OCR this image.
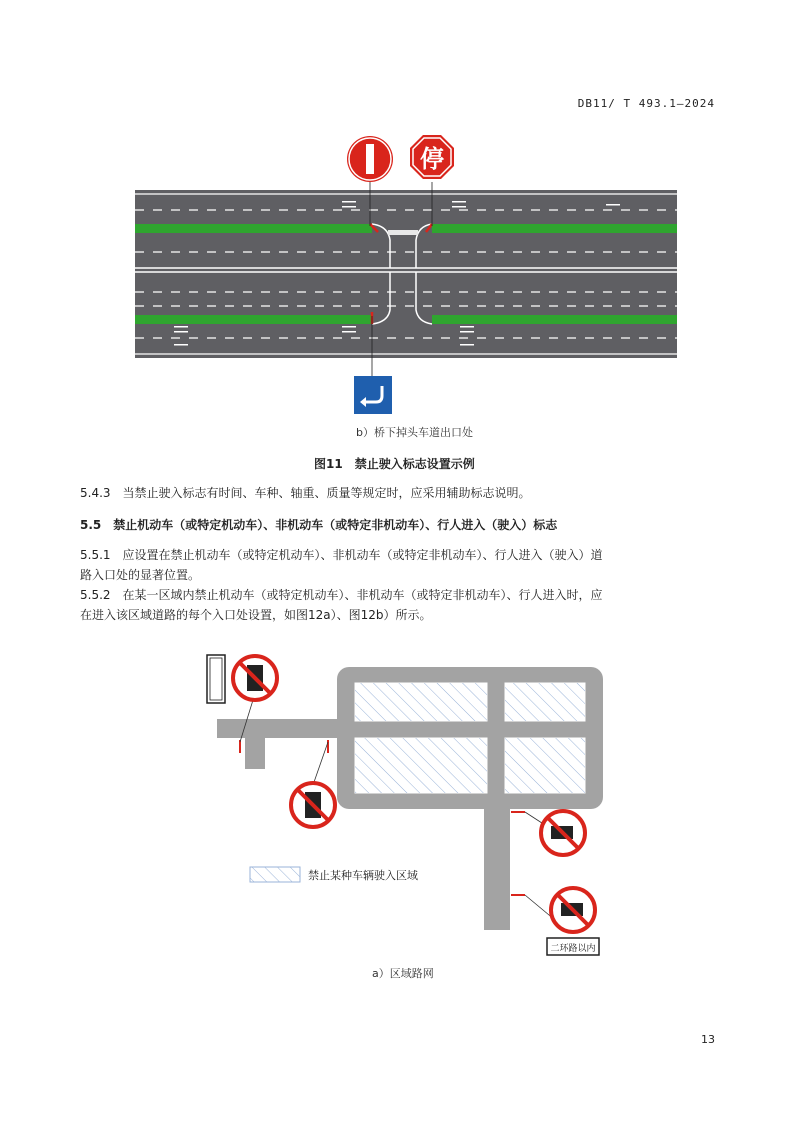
DB11/ T 493.1—2024
停
b）桥下掉头车道出口处
图11　禁止驶入标志设置示例
5.4.3　当禁止驶入标志有时间、车种、轴重、质量等规定时，应采用辅助标志说明。
5.5　禁止机动车（或特定机动车）、非机动车（或特定非机动车）、行人进入（驶入）标志
5.5.1　应设置在禁止机动车（或特定机动车）、非机动车（或特定非机动车）、行人进入（驶入）道
路入口处的显著位置。
5.5.2　在某一区域内禁止机动车（或特定机动车）、非机动车（或特定非机动车）、行人进入时，应
在进入该区域道路的每个入口处设置，如图12a）、图12b）所示。
二环路以内
禁止某种车辆驶入区域
a）区域路网
13
